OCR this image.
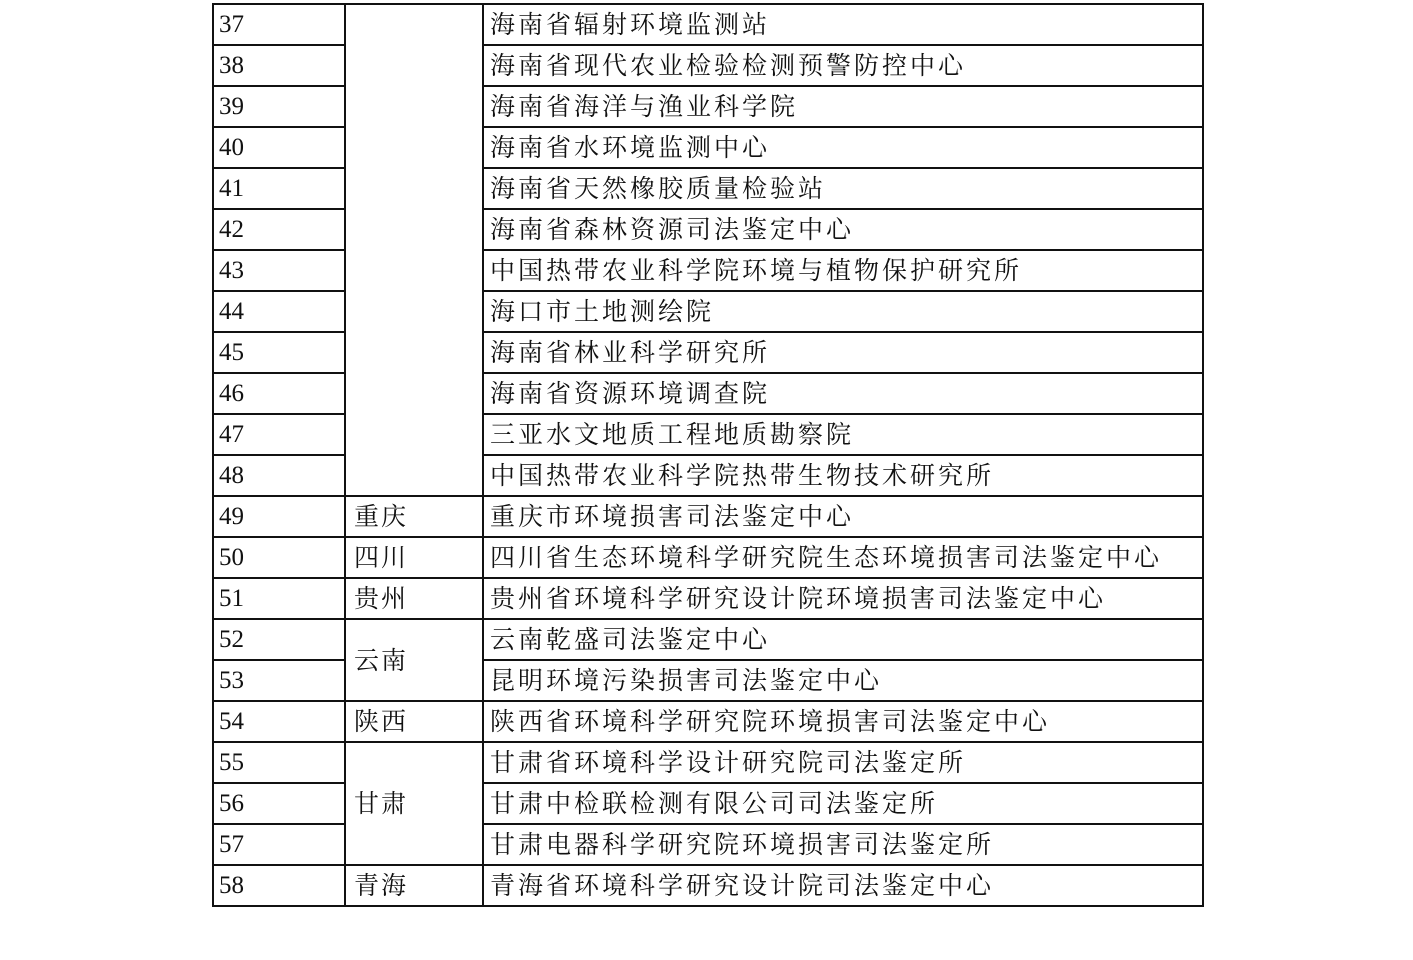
37		海南省辐射环境监测站
38		海南省现代农业检验检测预警防控中心
39		海南省海洋与渔业科学院
40		海南省水环境监测中心
41		海南省天然橡胶质量检验站
42		海南省森林资源司法鉴定中心
43		中国热带农业科学院环境与植物保护研究所
44		海口市土地测绘院
45		海南省林业科学研究所
46		海南省资源环境调查院
47		三亚水文地质工程地质勘察院
48		中国热带农业科学院热带生物技术研究所
49	重庆	重庆市环境损害司法鉴定中心
50	四川	四川省生态环境科学研究院生态环境损害司法鉴定中心
51	贵州	贵州省环境科学研究设计院环境损害司法鉴定中心
52	云南	云南乾盛司法鉴定中心
53		昆明环境污染损害司法鉴定中心
54	陕西	陕西省环境科学研究院环境损害司法鉴定中心
55	甘肃	甘肃省环境科学设计研究院司法鉴定所
56		甘肃中检联检测有限公司司法鉴定所
57		甘肃电器科学研究院环境损害司法鉴定所
58	青海	青海省环境科学研究设计院司法鉴定中心
